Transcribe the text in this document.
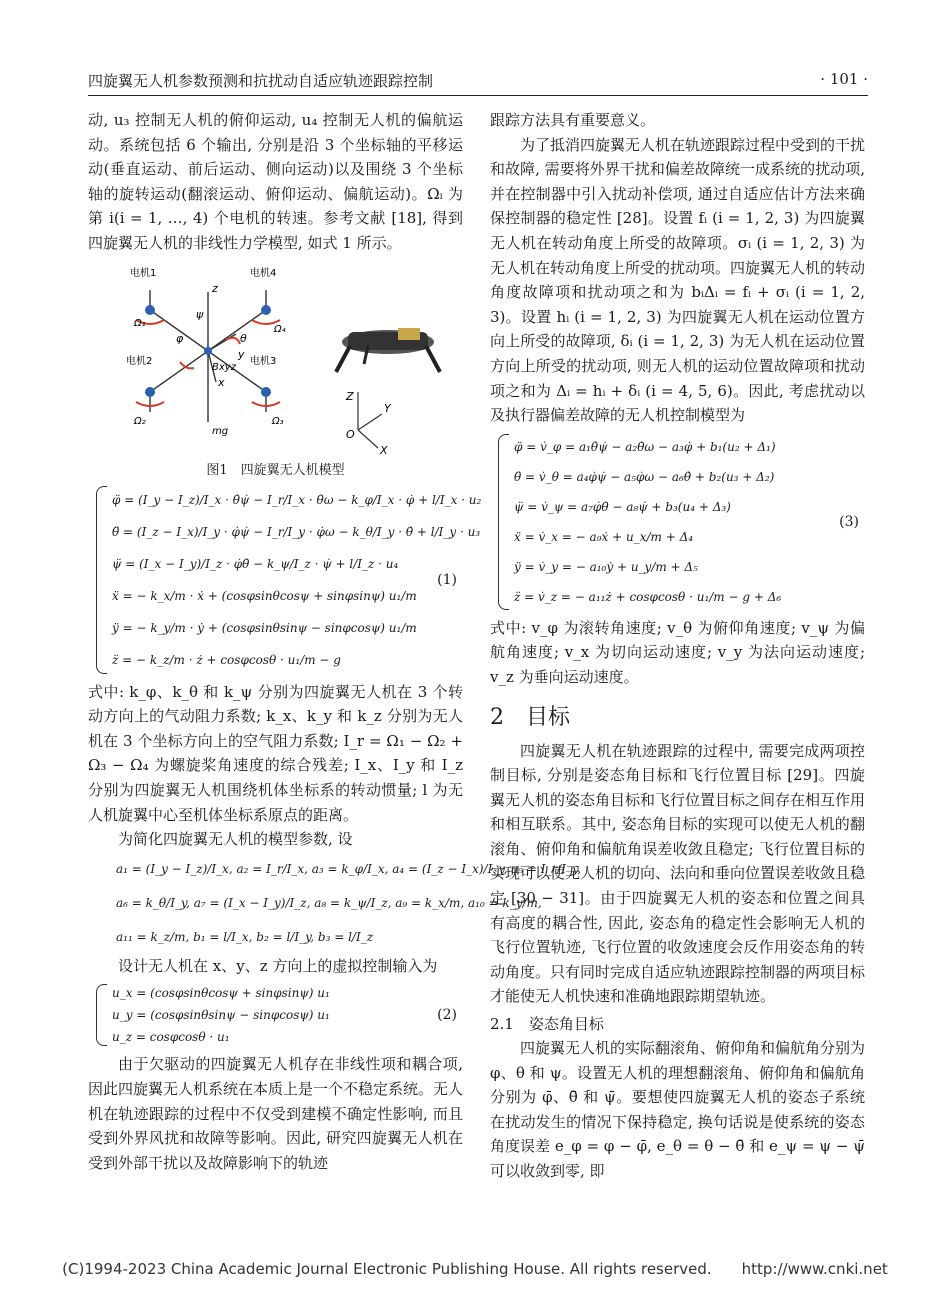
四旋翼无人机参数预测和抗扰动自适应轨迹跟踪控制	· 101 ·

动, u₃ 控制无人机的俯仰运动, u₄ 控制无人机的偏航运动。系统包括 6 个输出, 分别是沿 3 个坐标轴的平移运动(垂直运动、前后运动、侧向运动)以及围绕 3 个坐标轴的旋转运动(翻滚运动、俯仰运动、偏航运动)。Ωᵢ 为第 i(i = 1, …, 4) 个电机的转速。参考文献 [18], 得到四旋翼无人机的非线性力学模型, 如式 1 所示。

电机1	电机4
电机2	电机3
Ω₁
Ω₄
Ω₂	Ω₃
φ
ψ
θ
z
y
x
Bxyz
mg
Z
Y
X
O
图1　四旋翼无人机模型
φ̈ = (I_y − I_z)/I_x · θ̇ψ̇ − I_r/I_x · θ̇ω − k_φ/I_x · φ̇ + l/I_x · u₂
θ̈ = (I_z − I_x)/I_y · φ̇ψ̇ − I_r/I_y · φ̇ω − k_θ/I_y · θ̇ + l/I_y · u₃
ψ̈ = (I_x − I_y)/I_z · φ̇θ̇ − k_ψ/I_z · ψ̇ + l/I_z · u₄
ẍ = − k_x/m · ẋ + (cosφsinθcosψ + sinφsinψ) u₁/m
ÿ = − k_y/m · ẏ + (cosφsinθsinψ − sinφcosψ) u₁/m
z̈ = − k_z/m · ż + cosφcosθ · u₁/m − g
(1)

式中: k_φ、k_θ 和 k_ψ 分别为四旋翼无人机在 3 个转动方向上的气动阻力系数; k_x、k_y 和 k_z 分别为无人机在 3 个坐标方向上的空气阻力系数; I_r = Ω₁ − Ω₂ + Ω₃ − Ω₄ 为螺旋桨角速度的综合残差; I_x、I_y 和 I_z 分别为四旋翼无人机围绕机体坐标系的转动惯量; l 为无人机旋翼中心至机体坐标系原点的距离。

为简化四旋翼无人机的模型参数, 设

a₁ = (I_y − I_z)/I_x, a₂ = I_r/I_x, a₃ = k_φ/I_x, a₄ = (I_z − I_x)/I_y, a₅ = I_r/I_y,
a₆ = k_θ/I_y, a₇ = (I_x − I_y)/I_z, a₈ = k_ψ/I_z, a₉ = k_x/m, a₁₀ = k_y/m,
a₁₁ = k_z/m, b₁ = l/I_x, b₂ = l/I_y, b₃ = l/I_z

设计无人机在 x、y、z 方向上的虚拟控制输入为

u_x = (cosφsinθcosψ + sinφsinψ) u₁
u_y = (cosφsinθsinψ − sinφcosψ) u₁
u_z = cosφcosθ · u₁
(2)

由于欠驱动的四旋翼无人机存在非线性项和耦合项, 因此四旋翼无人机系统在本质上是一个不稳定系统。无人机在轨迹跟踪的过程中不仅受到建模不确定性影响, 而且受到外界风扰和故障等影响。因此, 研究四旋翼无人机在受到外部干扰以及故障影响下的轨迹

跟踪方法具有重要意义。

为了抵消四旋翼无人机在轨迹跟踪过程中受到的干扰和故障, 需要将外界干扰和偏差故障统一成系统的扰动项, 并在控制器中引入扰动补偿项, 通过自适应估计方法来确保控制器的稳定性 [28]。设置 fᵢ (i = 1, 2, 3) 为四旋翼无人机在转动角度上所受的故障项。σᵢ (i = 1, 2, 3) 为无人机在转动角度上所受的扰动项。四旋翼无人机的转动角度故障项和扰动项之和为 bᵢΔᵢ = fᵢ + σᵢ (i = 1, 2, 3)。设置 hᵢ (i = 1, 2, 3) 为四旋翼无人机在运动位置方向上所受的故障项, δᵢ (i = 1, 2, 3) 为无人机在运动位置方向上所受的扰动项, 则无人机的运动位置故障项和扰动项之和为 Δᵢ = hᵢ + δᵢ (i = 4, 5, 6)。因此, 考虑扰动以及执行器偏差故障的无人机控制模型为

φ̈ = v̇_φ = a₁θ̇ψ̇ − a₂θ̇ω − a₃φ̇ + b₁(u₂ + Δ₁)
θ̈ = v̇_θ = a₄φ̇ψ̇ − a₅φ̇ω − a₆θ̇ + b₂(u₃ + Δ₂)
ψ̈ = v̇_ψ = a₇φ̇θ̇ − a₈ψ̇ + b₃(u₄ + Δ₃)
ẍ = v̇_x = − a₉ẋ + u_x/m + Δ₄
ÿ = v̇_y = − a₁₀ẏ + u_y/m + Δ₅
z̈ = v̇_z = − a₁₁ż + cosφcosθ · u₁/m − g + Δ₆
(3)

式中: v_φ 为滚转角速度; v_θ 为俯仰角速度; v_ψ 为偏航角速度; v_x 为切向运动速度; v_y 为法向运动速度; v_z 为垂向运动速度。

2　目标

四旋翼无人机在轨迹跟踪的过程中, 需要完成两项控制目标, 分别是姿态角目标和飞行位置目标 [29]。四旋翼无人机的姿态角目标和飞行位置目标之间存在相互作用和相互联系。其中, 姿态角目标的实现可以使无人机的翻滚角、俯仰角和偏航角误差收敛且稳定; 飞行位置目标的实现可以使无人机的切向、法向和垂向位置误差收敛且稳定 [30 − 31]。由于四旋翼无人机的姿态和位置之间具有高度的耦合性, 因此, 姿态角的稳定性会影响无人机的飞行位置轨迹, 飞行位置的收敛速度会反作用姿态角的转动角度。只有同时完成自适应轨迹跟踪控制器的两项目标才能使无人机快速和准确地跟踪期望轨迹。

2.1　姿态角目标

四旋翼无人机的实际翻滚角、俯仰角和偏航角分别为 φ、θ 和 ψ。设置无人机的理想翻滚角、俯仰角和偏航角分别为 φ̄、θ̄ 和 ψ̄。要想使四旋翼无人机的姿态子系统在扰动发生的情况下保持稳定, 换句话说是使系统的姿态角度误差 e_φ = φ − φ̄, e_θ = θ − θ̄ 和 e_ψ = ψ − ψ̄ 可以收敛到零, 即

(C)1994-2023 China Academic Journal Electronic Publishing House. All rights reserved.　　http://www.cnki.net
